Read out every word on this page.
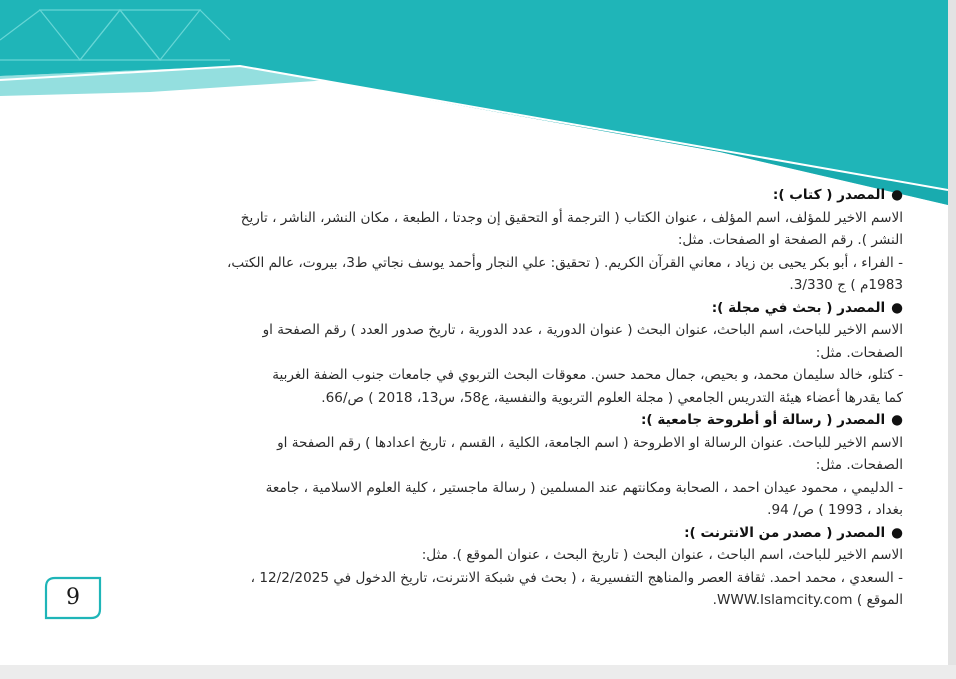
●المصدر ( كتاب ):

الاسم الاخير للمؤلف، اسم المؤلف ، عنوان الكتاب ( الترجمة أو التحقيق إن وجدتا ، الطبعة ، مكان النشر، الناشر ، تاريخ

النشر ). رقم الصفحة او الصفحات. مثل:

- الفراء ، أبو بكر يحيى بن زياد ، معاني القرآن الكريم. ( تحقيق: علي النجار وأحمد يوسف نجاتي ط3، بيروت، عالم الكتب،

1983م ) ج 3/330.

●المصدر ( بحث في مجلة ):

الاسم الاخير للباحث، اسم الباحث، عنوان البحث ( عنوان الدورية ، عدد الدورية ، تاريخ صدور العدد ) رقم الصفحة او

الصفحات. مثل:

- كتلو، خالد سليمان محمد، و بحيص، جمال محمد حسن. معوقات البحث التربوي في جامعات جنوب الضفة الغربية

كما يقدرها أعضاء هيئة التدريس الجامعي ( مجلة العلوم التربوية والنفسية، ع58، س13، 2018 ) ص/66.

●المصدر ( رسالة أو أطروحة جامعية ):

الاسم الاخير للباحث. عنوان الرسالة او الاطروحة ( اسم الجامعة، الكلية ، القسم ، تاريخ اعدادها ) رقم الصفحة او

الصفحات. مثل:

- الدليمي ، محمود عيدان احمد ، الصحابة ومكانتهم عند المسلمين ( رسالة ماجستير ، كلية العلوم الاسلامية ، جامعة

بغداد ، 1993 ) ص/ 94.

●المصدر ( مصدر من الانترنت ):

الاسم الاخير للباحث، اسم الباحث ، عنوان البحث ( تاريخ البحث ، عنوان الموقع ). مثل:

- السعدي ، محمد احمد. ثقافة العصر والمناهج التفسيرية ، ( بحث في شبكة الانترنت، تاريخ الدخول في 12/2/2025 ،

الموقع ) WWW.Islamcity.com.

9
